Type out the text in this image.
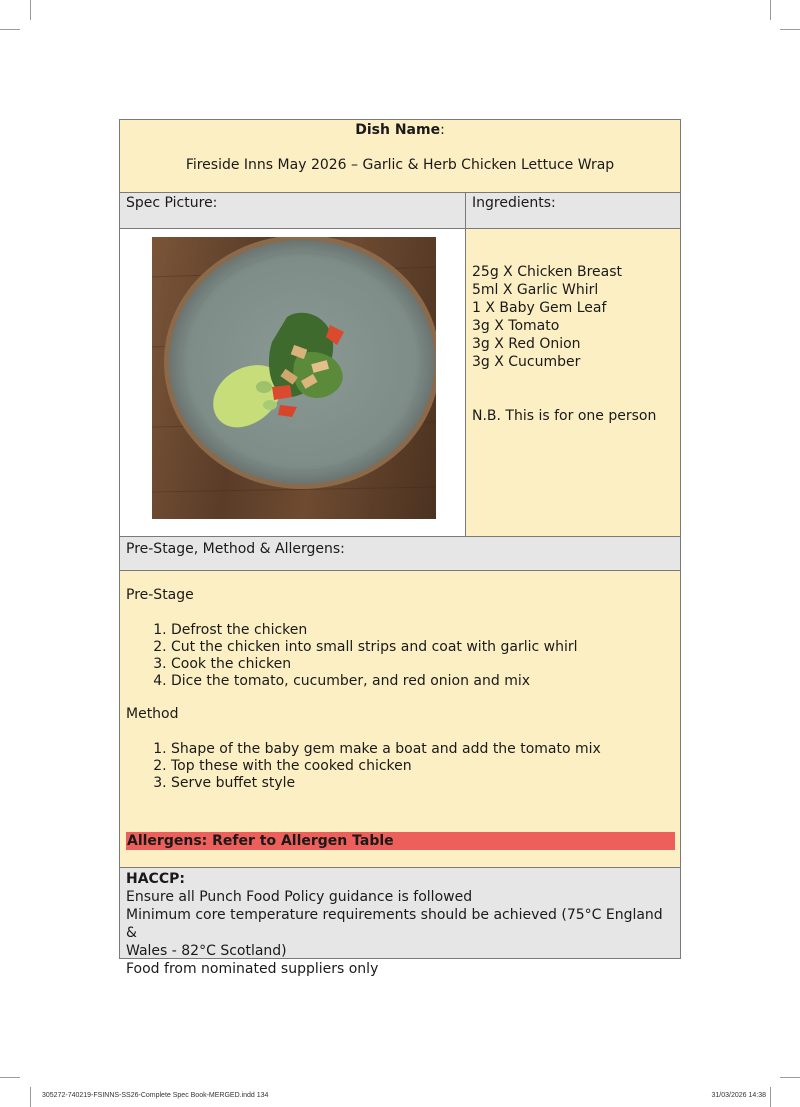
Dish Name:
Fireside Inns May 2026 – Garlic & Herb Chicken Lettuce Wrap
Spec Picture:	Ingredients:
25g X Chicken Breast
5ml X Garlic Whirl
1 X Baby Gem Leaf
3g X Tomato
3g X Red Onion
3g X Cucumber
N.B. This is for one person
Pre-Stage, Method & Allergens:
Pre-Stage
1. Defrost the chicken
2. Cut the chicken into small strips and coat with garlic whirl
3. Cook the chicken
4. Dice the tomato, cucumber, and red onion and mix
Method
1. Shape of the baby gem make a boat and add the tomato mix
2. Top these with the cooked chicken
3. Serve buffet style
Allergens: Refer to Allergen Table
HACCP:
Ensure all Punch Food Policy guidance is followed
Minimum core temperature requirements should be achieved (75°C England &
Wales - 82°C Scotland)
Food from nominated suppliers only
305272-740219-FSINNS-SS26-Complete Spec Book-MERGED.indd 134	31/03/2026 14:38
